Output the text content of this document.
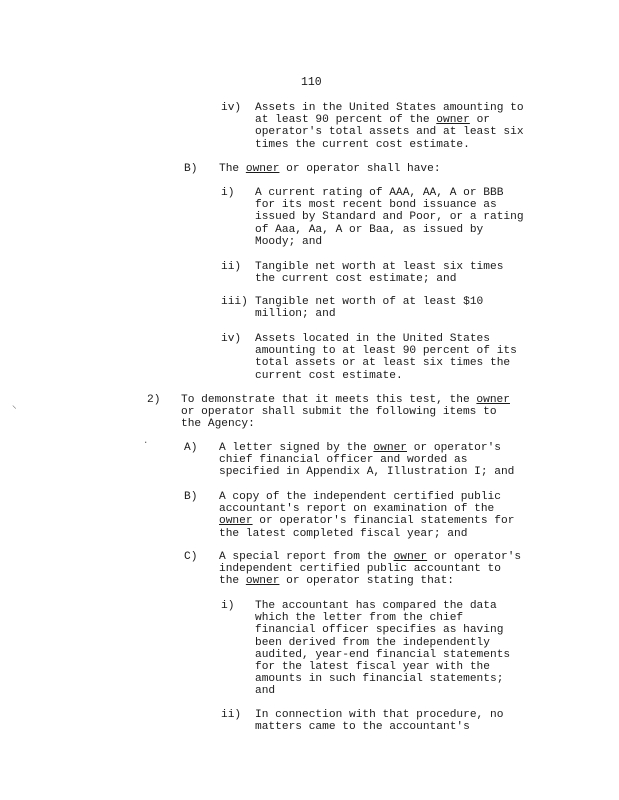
110
⸜
·
iv) Assets in the United States amounting to
at least 90 percent of the owner or
operator's total assets and at least six
times the current cost estimate.
B) The owner or operator shall have:
i) A current rating of AAA, AA, A or BBB
for its most recent bond issuance as
issued by Standard and Poor, or a rating
of Aaa, Aa, A or Baa, as issued by
Moody; and
ii) Tangible net worth at least six times
the current cost estimate; and
iii) Tangible net worth of at least $10
million; and
iv) Assets located in the United States
amounting to at least 90 percent of its
total assets or at least six times the
current cost estimate.
2) To demonstrate that it meets this test, the owner
or operator shall submit the following items to
the Agency:
A) A letter signed by the owner or operator's
chief financial officer and worded as
specified in Appendix A, Illustration I; and
B) A copy of the independent certified public
accountant's report on examination of the
owner or operator's financial statements for
the latest completed fiscal year; and
C) A special report from the owner or operator's
independent certified public accountant to
the owner or operator stating that:
i) The accountant has compared the data
which the letter from the chief
financial officer specifies as having
been derived from the independently
audited, year-end financial statements
for the latest fiscal year with the
amounts in such financial statements;
and
ii) In connection with that procedure, no
matters came to the accountant's
